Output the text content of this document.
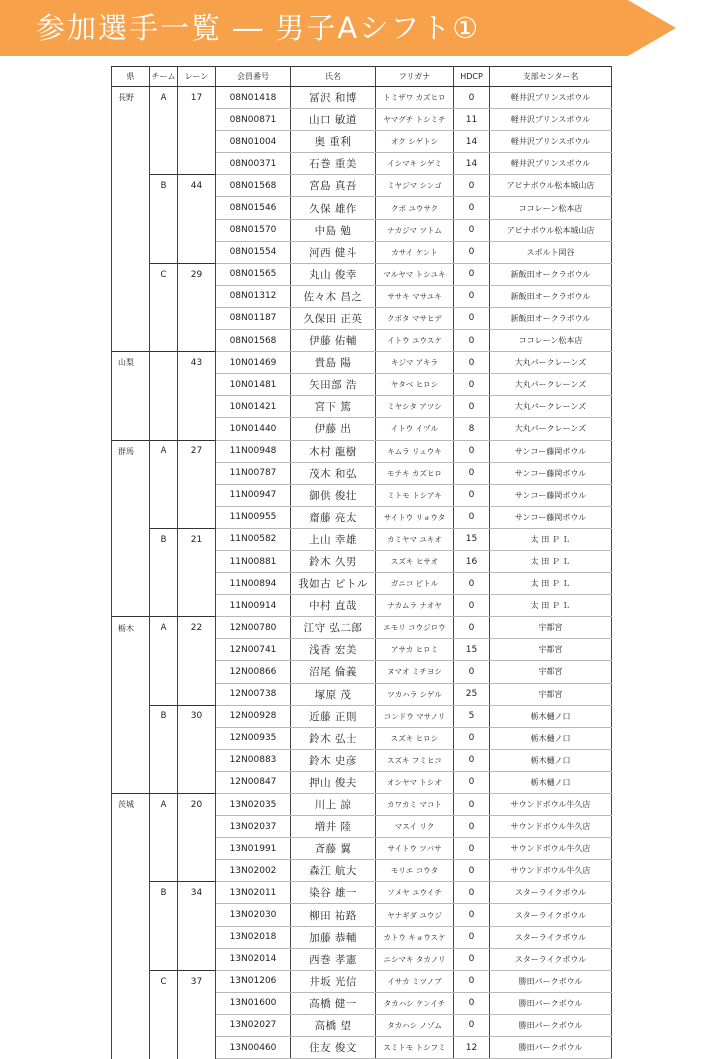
参加選手一覧 ― 男子Aシフト①
県	チーム	レーン	会員番号	氏名	フリガナ	HDCP	支部センター名
長野	A	17	08N01418	冨沢 和博	トミザワ カズヒロ	0	軽井沢プリンスボウル
			08N00871	山口 敏道	ヤマグチ トシミチ	11	軽井沢プリンスボウル
			08N01004	奥 重利	オク シゲトシ	14	軽井沢プリンスボウル
			08N00371	石巻 重美	イシマキ シゲミ	14	軽井沢プリンスボウル
	B	44	08N01568	宮島 真吾	ミヤジマ シンゴ	0	アピナボウル松本城山店
			08N01546	久保 雄作	クボ ユウサク	0	ココレーン松本店
			08N01570	中島 勉	ナカジマ ツトム	0	アピナボウル松本城山店
			08N01554	河西 健斗	カサイ ケント	0	スポルト岡谷
	C	29	08N01565	丸山 俊幸	マルヤマ トシユキ	0	新飯田オークラボウル
			08N01312	佐々木 昌之	ササキ マサユキ	0	新飯田オークラボウル
			08N01187	久保田 正英	クボタ マサヒデ	0	新飯田オークラボウル
			08N01568	伊藤 佑輔	イトウ ユウスケ	0	ココレーン松本店
山梨		43	10N01469	貴島 陽	キジマ アキラ	0	大丸パークレーンズ
			10N01481	矢田部 浩	ヤタベ ヒロシ	0	大丸パークレーンズ
			10N01421	宮下 篤	ミヤシタ アツシ	0	大丸パークレーンズ
			10N01440	伊藤 出	イトウ イヅル	8	大丸パークレーンズ
群馬	A	27	11N00948	木村 龍樹	キムラ リュウキ	0	サンコー藤岡ボウル
			11N00787	茂木 和弘	モテキ カズヒロ	0	サンコー藤岡ボウル
			11N00947	御供 俊壮	ミトモ トシアキ	0	サンコー藤岡ボウル
			11N00955	齋藤 亮太	サイトウ リョウタ	0	サンコー藤岡ボウル
	B	21	11N00582	上山 幸雄	カミヤマ ユキオ	15	太 田 Ｐ Ｌ
			11N00881	鈴木 久男	スズキ ヒサオ	16	太 田 Ｐ Ｌ
			11N00894	我如古 ピトル	ガニコ ピトル	0	太 田 Ｐ Ｌ
			11N00914	中村 直哉	ナカムラ ナオヤ	0	太 田 Ｐ Ｌ
栃木	A	22	12N00780	江守 弘二郎	エモリ コウジロウ	0	宇都宮
			12N00741	浅香 宏美	アサカ ヒロミ	15	宇都宮
			12N00866	沼尾 倫義	ヌマオ ミチヨシ	0	宇都宮
			12N00738	塚原 茂	ツカハラ シゲル	25	宇都宮
	B	30	12N00928	近藤 正則	コンドウ マサノリ	5	栃木樋ノ口
			12N00935	鈴木 弘士	スズキ ヒロシ	0	栃木樋ノ口
			12N00883	鈴木 史彦	スズキ フミヒコ	0	栃木樋ノ口
			12N00847	押山 俊夫	オシヤマ トシオ	0	栃木樋ノ口
茨城	A	20	13N02035	川上 諒	カワカミ マコト	0	サウンドボウル牛久店
			13N02037	増井 陸	マスイ リク	0	サウンドボウル牛久店
			13N01991	斉藤 翼	サイトウ ツバサ	0	サウンドボウル牛久店
			13N02002	森江 航大	モリエ コウタ	0	サウンドボウル牛久店
	B	34	13N02011	染谷 雄一	ソメヤ ユウイチ	0	スターライクボウル
			13N02030	柳田 祐路	ヤナギダ ユウジ	0	スターライクボウル
			13N02018	加藤 恭輔	カトウ キョウスケ	0	スターライクボウル
			13N02014	西巻 孝憲	ニシマキ タカノリ	0	スターライクボウル
	C	37	13N01206	井坂 光信	イサカ ミツノブ	0	勝田パークボウル
			13N01600	高橋 健一	タカハシ ケンイチ	0	勝田パークボウル
			13N02027	高橋 望	タカハシ ノゾム	0	勝田パークボウル
			13N00460	住友 俊文	スミトモ トシフミ	12	勝田パークボウル
